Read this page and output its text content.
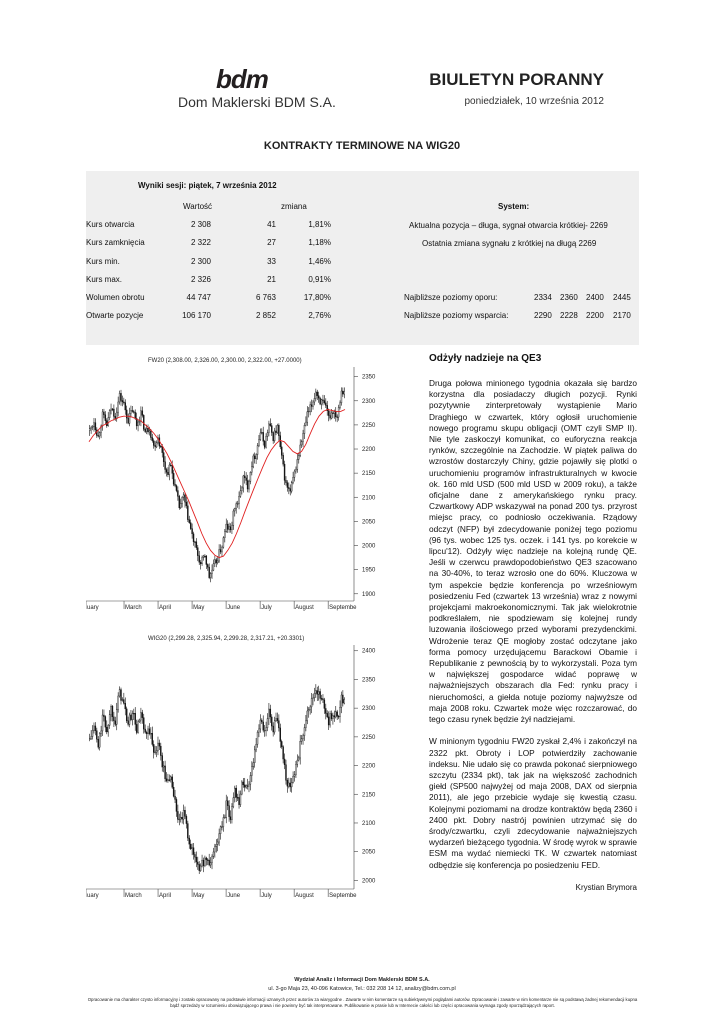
bdm
Dom Maklerski BDM S.A.
BIULETYN PORANNY
poniedziałek, 10 września 2012
KONTRAKTY TERMINOWE NA WIG20
Wyniki sesji: piątek, 7 września 2012
Wartość	zmiana	System:
Kurs otwarcia	2 308	41	1,81%
Kurs zamknięcia	2 322	27	1,18%
Kurs min.	2 300	33	1,46%
Kurs max.	2 326	21	0,91%
Wolumen obrotu	44 747	6 763	17,80%
Otwarte pozycje	106 170	2 852	2,76%
Aktualna pozycja – długa, sygnał otwarcia krótkiej- 2269
Ostatnia zmiana sygnału z krótkiej na długą 2269
Najbliższe poziomy oporu:	2334 2360 2400 2445
Najbliższe poziomy wsparcia:	2290 2228 2200 2170
FW20 (2,308.00, 2,326.00, 2,300.00, 2,322.00, +27.0000)
2350
2300
2250
2200
2150
2100
2050
2000
1950
1900
uary	March	April	May	June	July	August	Septembe
WIG20 (2,299.28, 2,325.94, 2,299.28, 2,317.21, +20.3301)
2400
2350
2300
2250
2200
2150
2100
2050
2000
uary	March	April	May	June	July	August	Septembe
Odżyły nadzieje na QE3

Druga połowa minionego tygodnia okazała się bardzo korzystna dla posiadaczy długich pozycji. Rynki pozytywnie zinterpretowały wystąpienie Mario Draghiego w czwartek, który ogłosił uruchomienie nowego programu skupu obligacji (OMT czyli SMP II). Nie tyle zaskoczył komunikat, co euforyczna reakcja rynków, szczególnie na Zachodzie. W piątek paliwa do wzrostów dostarczyły Chiny, gdzie pojawiły się plotki o uruchomieniu programów infrastrukturalnych w kwocie ok. 160 mld USD (500 mld USD w 2009 roku), a także oficjalne dane z amerykańskiego rynku pracy. Czwartkowy ADP wskazywał na ponad 200 tys. przyrost miejsc pracy, co podniosło oczekiwania. Rządowy odczyt (NFP) był zdecydowanie poniżej tego poziomu (96 tys. wobec 125 tys. oczek. i 141 tys. po korekcie w lipcu'12). Odżyły więc nadzieje na kolejną rundę QE. Jeśli w czerwcu prawdopodobieństwo QE3 szacowano na 30-40%, to teraz wzrosło one do 60%. Kluczowa w tym aspekcie będzie konferencja po wrześniowym posiedzeniu Fed (czwartek 13 września) wraz z nowymi projekcjami makroekonomicznymi. Tak jak wielokrotnie podkreślałem, nie spodziewam się kolejnej rundy luzowania ilościowego przed wyborami prezydenckimi. Wdrożenie teraz QE mogłoby zostać odczytane jako forma pomocy urzędującemu Barackowi Obamie i Republikanie z pewnością by to wykorzystali. Poza tym w największej gospodarce widać poprawę w najważniejszych obszarach dla Fed: rynku pracy i nieruchomości, a giełda notuje poziomy najwyższe od maja 2008 roku. Czwartek może więc rozczarować, do tego czasu rynek będzie żył nadziejami.

W minionym tygodniu FW20 zyskał 2,4% i zakończył na 2322 pkt. Obroty i LOP potwierdziły zachowanie indeksu. Nie udało się co prawda pokonać sierpniowego szczytu (2334 pkt), tak jak na większość zachodnich giełd (SP500 najwyżej od maja 2008, DAX od sierpnia 2011), ale jego przebicie wydaje się kwestią czasu. Kolejnymi poziomami na drodze kontraktów będą 2360 i 2400 pkt. Dobry nastrój powinien utrzymać się do środy/czwartku, czyli zdecydowanie najważniejszych wydarzeń bieżącego tygodnia. W środę wyrok w sprawie ESM ma wydać niemiecki TK. W czwartek natomiast odbędzie się konferencja po posiedzeniu FED.

Krystian Brymora
Wydział Analiz i Informacji Dom Maklerski BDM S.A.
ul. 3-go Maja 23, 40-096 Katowice, Tel.: 032 208 14 12, analizy@bdm.com.pl
Opracowanie ma charakter czysto informacyjny i zostało opracowany na podstawie informacji uznanych przez autorów za wiarygodne . Zawarte w nim komentarze są subiektywnymi poglądami autorów. Opracowanie i zawarte w nim komentarze nie są podstawą żadnej rekomendacji kupna bądź sprzedaży w rozumieniu obowiązującego prawa i nie powinny być tak interpretowane. Publikowanie w prasie lub w Internecie całości lub części opracowania wymaga zgody sporządzających raport.
